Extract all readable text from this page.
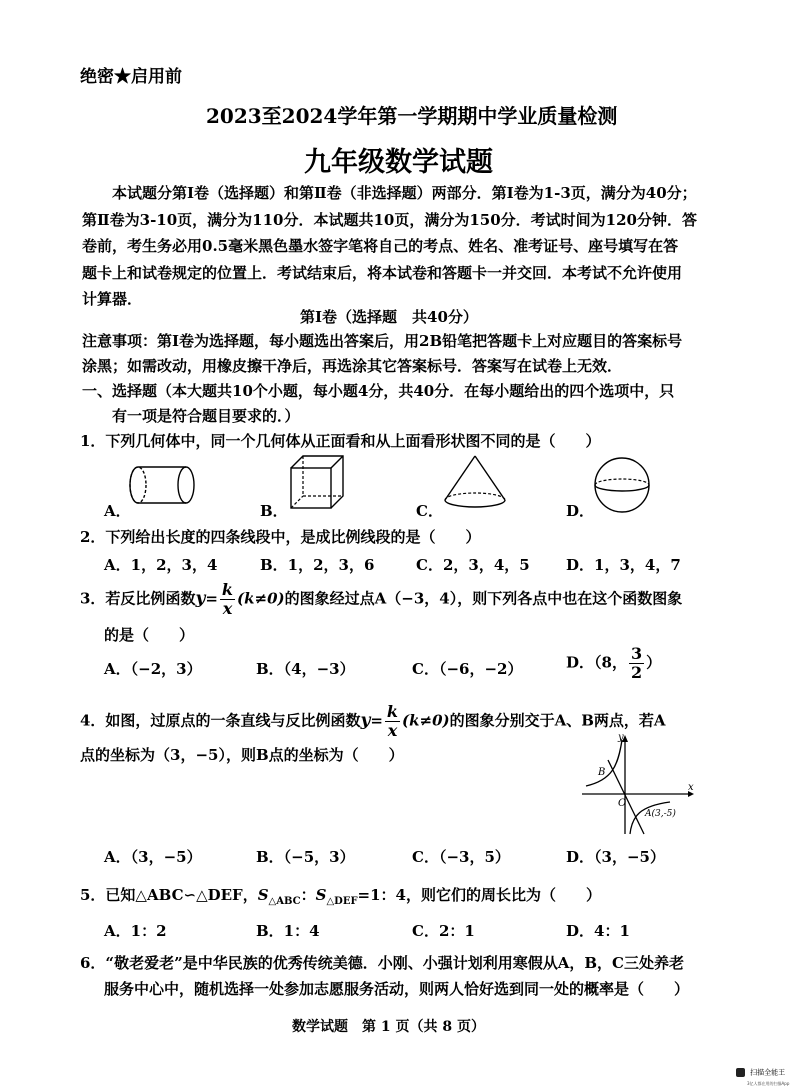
绝密★启用前
2023至2024学年第一学期期中学业质量检测
九年级数学试题

本试题分第Ⅰ卷（选择题）和第Ⅱ卷（非选择题）两部分．第Ⅰ卷为1-3页，满分为40分；

第Ⅱ卷为3-10页，满分为110分．本试题共10页，满分为150分．考试时间为120分钟．答

卷前，考生务必用0.5毫米黑色墨水签字笔将自己的考点、姓名、准考证号、座号填写在答

题卡上和试卷规定的位置上．考试结束后，将本试卷和答题卡一并交回．本考试不允许使用

计算器．

第Ⅰ卷（选择题　共40分）
注意事项：第Ⅰ卷为选择题，每小题选出答案后，用2B铅笔把答题卡上对应题目的答案标号
涂黑；如需改动，用橡皮擦干净后，再选涂其它答案标号．答案写在试卷上无效．
一、选择题（本大题共10个小题，每小题4分，共40分．在每小题给出的四个选项中，只
有一项是符合题目要求的．）
1．下列几何体中，同一个几何体从正面看和从上面看形状图不同的是（　　）
A．	B．	C．	D．
2．下列给出长度的四条线段中，是成比例线段的是（　　）
A．1，2，3，4	B．1，2，3，6	C．2，3，4，5 D．1，3，4，7
3．若反比例函数$y= \frac{k}{x} (k\ne 0)$的图象经过点A（−3，4），则下列各点中也在这个函数图象
的是（　　）
A．（−2，3）	B．（4，−3）	C．（−6，−2）	D．（8， $\frac{3}{2}$ ）
4．如图，过原点的一条直线与反比例函数$y= \frac{k}{x} (k\ne 0)$的图象分别交于A、B两点，若A
点的坐标为（3，−5），则B点的坐标为（　　）
y
x
O
B
A(3,-5)
A．（3，−5）	B．（−5，3）	C．（−3，5）	D．（3，−5）
5．已知△ABC∽△DEF，$S_{\triangle ABC}$：$S_{\triangle DEF}=1$：4，则它们的周长比为（　　）
A．1：2	B．1：4	C．2：1	D．4：1
6．“敬老爱老”是中华民族的优秀传统美德．小刚、小强计划利用寒假从A，B，C三处养老
服务中心中，随机选择一处参加志愿服务活动，则两人恰好选到同一处的概率是（　　）
数学试题　第 1 页（共 8 页）
扫描全能王
3亿人都在用的扫描App
